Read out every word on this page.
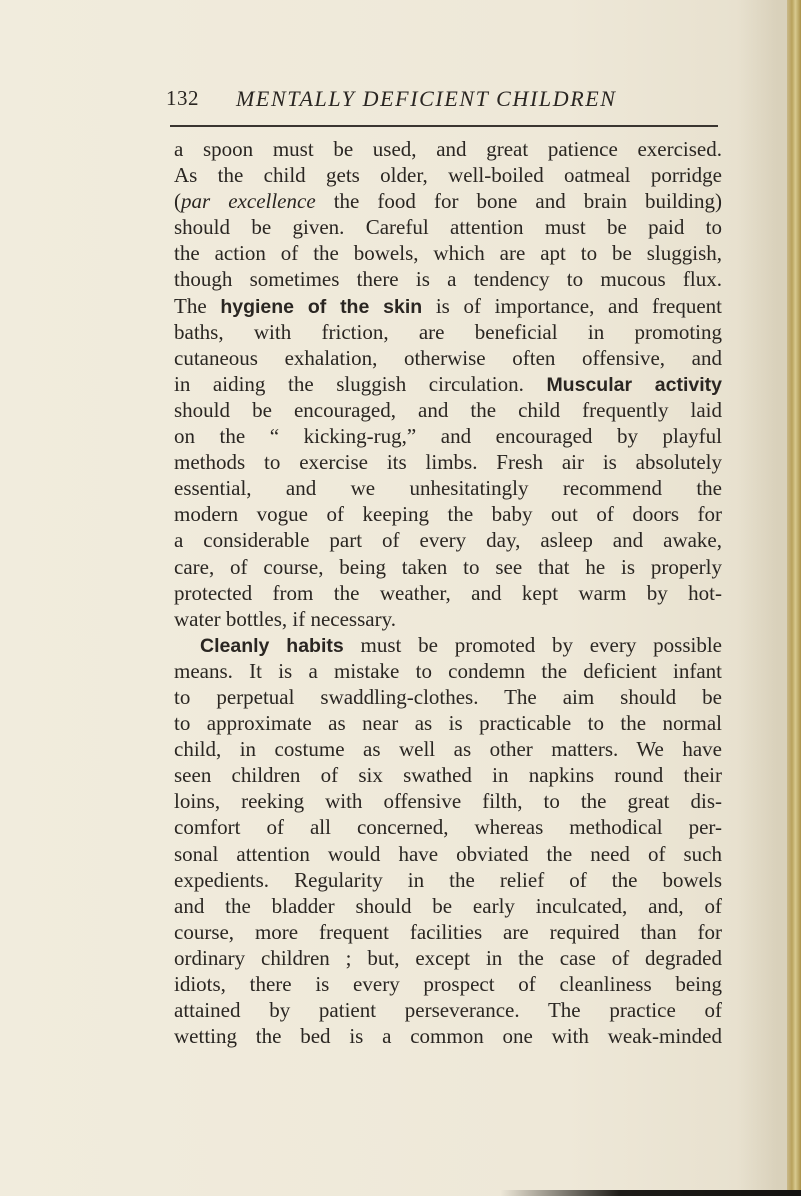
132 MENTALLY DEFICIENT CHILDREN
a spoon must be used, and great patience exercised.
As the child gets older, well-boiled oatmeal porridge
(par excellence the food for bone and brain building)
should be given. Careful attention must be paid to
the action of the bowels, which are apt to be sluggish,
though sometimes there is a tendency to mucous flux.
The hygiene of the skin is of importance, and frequent
baths, with friction, are beneficial in promoting
cutaneous exhalation, otherwise often offensive, and
in aiding the sluggish circulation. Muscular activity
should be encouraged, and the child frequently laid
on the “ kicking-rug,” and encouraged by playful
methods to exercise its limbs. Fresh air is absolutely
essential, and we unhesitatingly recommend the
modern vogue of keeping the baby out of doors for
a considerable part of every day, asleep and awake,
care, of course, being taken to see that he is properly
protected from the weather, and kept warm by hot-
water bottles, if necessary.
Cleanly habits must be promoted by every possible
means. It is a mistake to condemn the deficient infant
to perpetual swaddling-clothes. The aim should be
to approximate as near as is practicable to the normal
child, in costume as well as other matters. We have
seen children of six swathed in napkins round their
loins, reeking with offensive filth, to the great dis-
comfort of all concerned, whereas methodical per-
sonal attention would have obviated the need of such
expedients. Regularity in the relief of the bowels
and the bladder should be early inculcated, and, of
course, more frequent facilities are required than for
ordinary children ; but, except in the case of degraded
idiots, there is every prospect of cleanliness being
attained by patient perseverance. The practice of
wetting the bed is a common one with weak-minded
